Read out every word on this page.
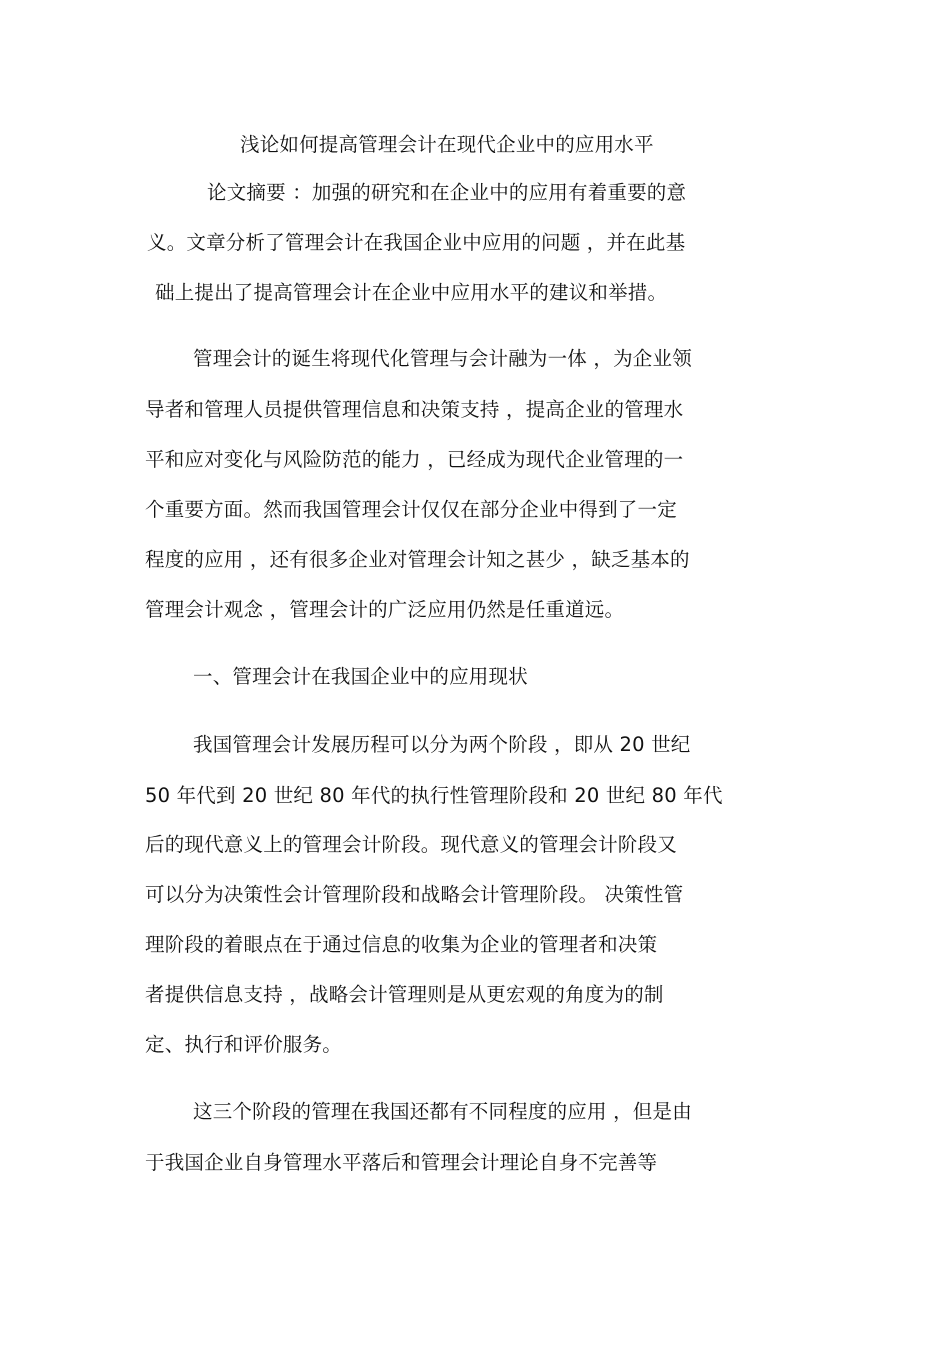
浅论如何提高管理会计在现代企业中的应用水平

论文摘要 ：加强的研究和在企业中的应用有着重要的意

义。文章分析了管理会计在我国企业中应用的问题 ，并在此基

础上提出了提高管理会计在企业中应用水平的建议和举措。

管理会计的诞生将现代化管理与会计融为一体 ，为企业领

导者和管理人员提供管理信息和决策支持 ，提高企业的管理水

平和应对变化与风险防范的能力 ，已经成为现代企业管理的一

个重要方面。然而我国管理会计仅仅在部分企业中得到了一定

程度的应用 ，还有很多企业对管理会计知之甚少 ，缺乏基本的

管理会计观念 ，管理会计的广泛应用仍然是任重道远。

一、管理会计在我国企业中的应用现状

我国管理会计发展历程可以分为两个阶段 ，即从 20 世纪

50 年代到 20 世纪 80 年代的执行性管理阶段和 20 世纪 80 年代

后的现代意义上的管理会计阶段。现代意义的管理会计阶段又

可以分为决策性会计管理阶段和战略会计管理阶段。 决策性管

理阶段的着眼点在于通过信息的收集为企业的管理者和决策

者提供信息支持 ，战略会计管理则是从更宏观的角度为的制

定、执行和评价服务。

这三个阶段的管理在我国还都有不同程度的应用 ，但是由

于我国企业自身管理水平落后和管理会计理论自身不完善等
